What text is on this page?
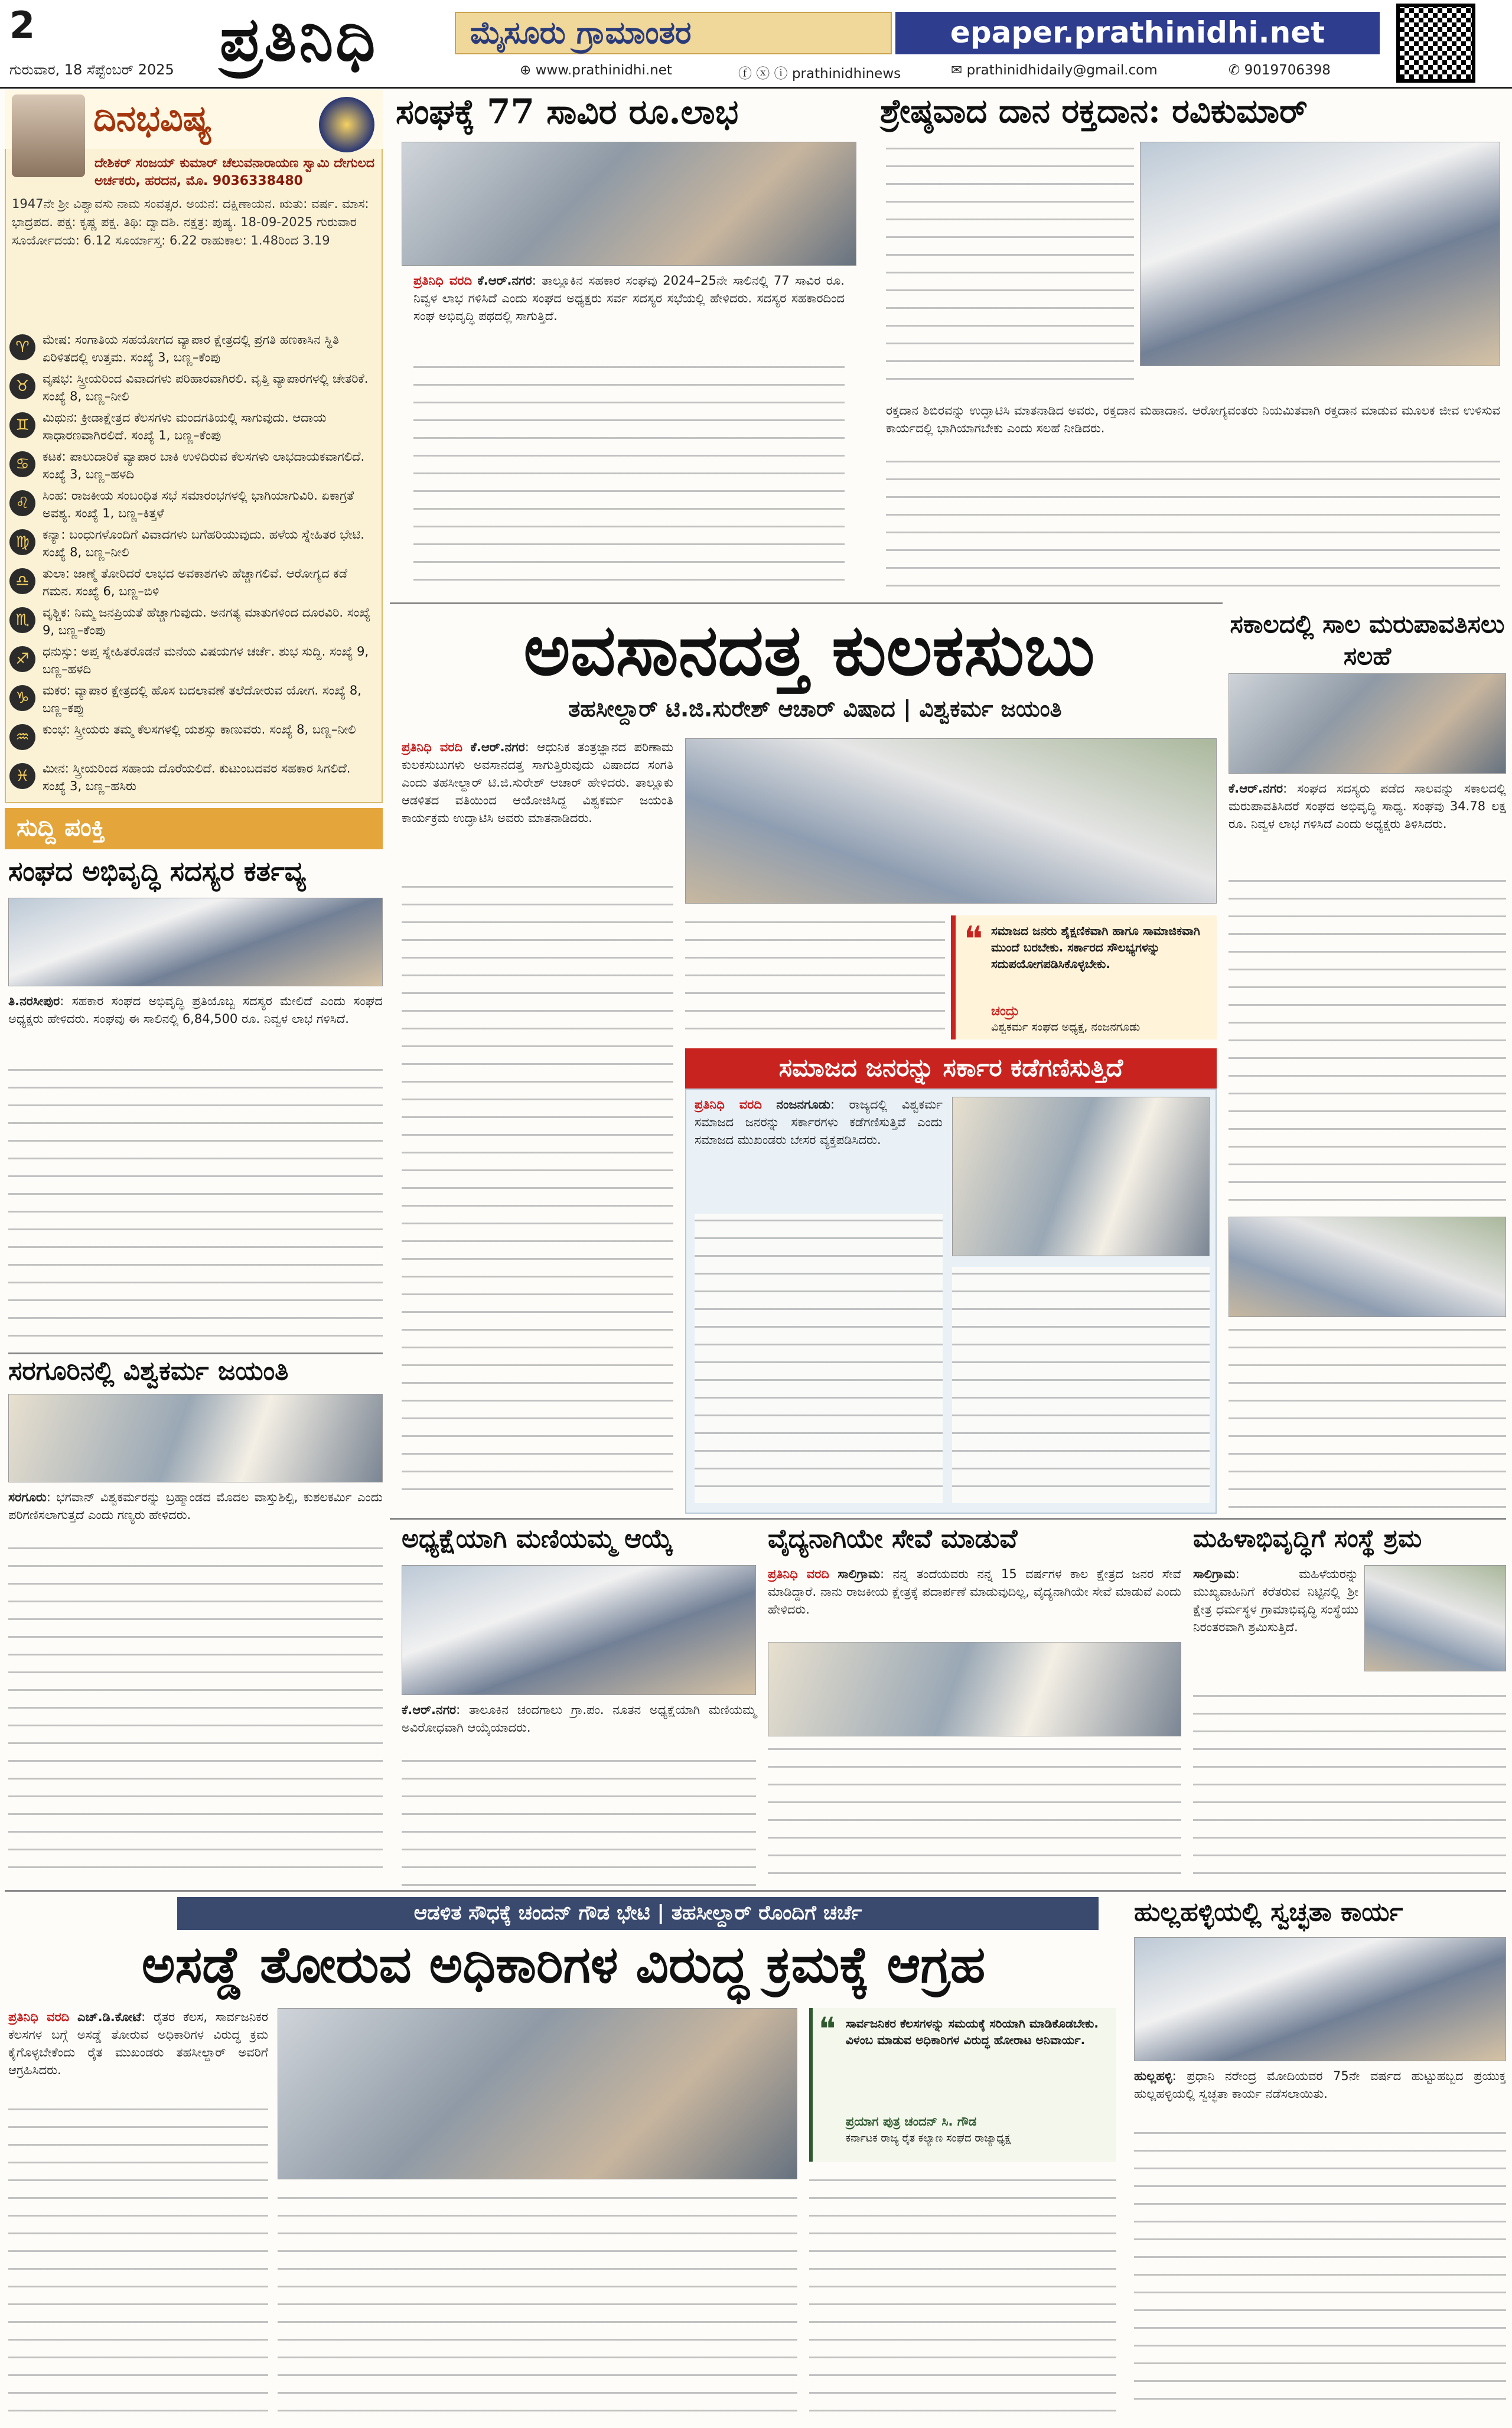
2	ಪ್ರತಿನಿಧಿ	ಮೈಸೂರು ಗ್ರಾಮಾಂತರ	epaper.prathinidhi.net
ಗುರುವಾರ, 18 ಸೆಪ್ಟೆಂಬರ್ 2025	⊕ www.prathinidhi.net	ⓕ ⓧ ⓘ prathinidhinews	✉ prathinidhidaily@gmail.com	✆ 9019706398
ದಿನಭವಿಷ್ಯ
ದೇಶಿಕರ್ ಸಂಜಯ್ ಕುಮಾರ್ ಚೆಲುವನಾರಾಯಣ ಸ್ವಾಮಿ ದೇಗುಲದ ಅರ್ಚಕರು, ಹರದನ, ಮೊ. 9036338480
1947ನೇ ಶ್ರೀ ವಿಶ್ವಾವಸು ನಾಮ ಸಂವತ್ಸರ. ಅಯನ: ದಕ್ಷಿಣಾಯನ. ಋತು: ವರ್ಷ. ಮಾಸ: ಭಾದ್ರಪದ. ಪಕ್ಷ: ಕೃಷ್ಣ ಪಕ್ಷ. ತಿಥಿ: ದ್ವಾದಶಿ. ನಕ್ಷತ್ರ: ಪುಷ್ಯ. 18-09-2025 ಗುರುವಾರ ಸೂರ್ಯೋದಯ: 6.12 ಸೂರ್ಯಾಸ್ತ: 6.22 ರಾಹುಕಾಲ: 1.48ರಿಂದ 3.19
♈	ಮೇಷ: ಸಂಗಾತಿಯ ಸಹಯೋಗದ ವ್ಯಾಪಾರ ಕ್ಷೇತ್ರದಲ್ಲಿ ಪ್ರಗತಿ ಹಣಕಾಸಿನ ಸ್ಥಿತಿ ಏರಿಳಿತದಲ್ಲಿ ಉತ್ತಮ. ಸಂಖ್ಯೆ 3, ಬಣ್ಣ–ಕೆಂಪು
♉	ವೃಷಭ: ಸ್ತ್ರೀಯರಿಂದ ವಿವಾದಗಳು ಪರಿಹಾರವಾಗಿರಲಿ. ವೃತ್ತಿ ವ್ಯಾಪಾರಗಳಲ್ಲಿ ಚೇತರಿಕೆ. ಸಂಖ್ಯೆ 8, ಬಣ್ಣ–ನೀಲಿ
♊	ಮಿಥುನ: ಕ್ರೀಡಾಕ್ಷೇತ್ರದ ಕೆಲಸಗಳು ಮಂದಗತಿಯಲ್ಲಿ ಸಾಗುವುದು. ಆದಾಯ ಸಾಧಾರಣವಾಗಿರಲಿದೆ. ಸಂಖ್ಯೆ 1, ಬಣ್ಣ–ಕೆಂಪು
♋	ಕಟಕ: ಪಾಲುದಾರಿಕೆ ವ್ಯಾಪಾರ ಬಾಕಿ ಉಳಿದಿರುವ ಕೆಲಸಗಳು ಲಾಭದಾಯಕವಾಗಲಿದೆ. ಸಂಖ್ಯೆ 3, ಬಣ್ಣ–ಹಳದಿ
♌	ಸಿಂಹ: ರಾಜಕೀಯ ಸಂಬಂಧಿತ ಸಭೆ ಸಮಾರಂಭಗಳಲ್ಲಿ ಭಾಗಿಯಾಗುವಿರಿ. ಏಕಾಗ್ರತೆ ಅವಶ್ಯ. ಸಂಖ್ಯೆ 1, ಬಣ್ಣ–ಕಿತ್ತಳೆ
♍	ಕನ್ಯಾ: ಬಂಧುಗಳೊಂದಿಗೆ ವಿವಾದಗಳು ಬಗೆಹರಿಯುವುದು. ಹಳೆಯ ಸ್ನೇಹಿತರ ಭೇಟಿ. ಸಂಖ್ಯೆ 8, ಬಣ್ಣ–ನೀಲಿ
♎	ತುಲಾ: ಜಾಣ್ಮೆ ತೋರಿದರೆ ಲಾಭದ ಅವಕಾಶಗಳು ಹೆಚ್ಚಾಗಲಿವೆ. ಆರೋಗ್ಯದ ಕಡೆ ಗಮನ. ಸಂಖ್ಯೆ 6, ಬಣ್ಣ–ಬಿಳಿ
♏	ವೃಶ್ಚಿಕ: ನಿಮ್ಮ ಜನಪ್ರಿಯತೆ ಹೆಚ್ಚಾಗುವುದು. ಅನಗತ್ಯ ಮಾತುಗಳಿಂದ ದೂರವಿರಿ. ಸಂಖ್ಯೆ 9, ಬಣ್ಣ–ಕೆಂಪು
♐	ಧನುಸ್ಸು: ಅಪ್ತ ಸ್ನೇಹಿತರೊಡನೆ ಮನೆಯ ವಿಷಯಗಳ ಚರ್ಚೆ. ಶುಭ ಸುದ್ದಿ. ಸಂಖ್ಯೆ 9, ಬಣ್ಣ–ಹಳದಿ
♑	ಮಕರ: ವ್ಯಾಪಾರ ಕ್ಷೇತ್ರದಲ್ಲಿ ಹೊಸ ಬದಲಾವಣೆ ತಲೆದೋರುವ ಯೋಗ. ಸಂಖ್ಯೆ 8, ಬಣ್ಣ–ಕಪ್ಪು
♒	ಕುಂಭ: ಸ್ತ್ರೀಯರು ತಮ್ಮ ಕೆಲಸಗಳಲ್ಲಿ ಯಶಸ್ಸು ಕಾಣುವರು. ಸಂಖ್ಯೆ 8, ಬಣ್ಣ–ನೀಲಿ
♓	ಮೀನ: ಸ್ತ್ರೀಯರಿಂದ ಸಹಾಯ ದೊರೆಯಲಿದೆ. ಕುಟುಂಬದವರ ಸಹಕಾರ ಸಿಗಲಿದೆ. ಸಂಖ್ಯೆ 3, ಬಣ್ಣ–ಹಸಿರು
ಸುದ್ದಿ ಪಂಕ್ತಿ
ಸಂಘದ ಅಭಿವೃದ್ಧಿ ಸದಸ್ಯರ ಕರ್ತವ್ಯ
ತಿ.ನರಸೀಪುರ: ಸಹಕಾರ ಸಂಘದ ಅಭಿವೃದ್ಧಿ ಪ್ರತಿಯೊಬ್ಬ ಸದಸ್ಯರ ಮೇಲಿದೆ ಎಂದು ಸಂಘದ ಅಧ್ಯಕ್ಷರು ಹೇಳಿದರು. ಸಂಘವು ಈ ಸಾಲಿನಲ್ಲಿ 6,84,500 ರೂ. ನಿವ್ವಳ ಲಾಭ ಗಳಿಸಿದೆ.
ಸರಗೂರಿನಲ್ಲಿ ವಿಶ್ವಕರ್ಮ ಜಯಂತಿ
ಸರಗೂರು: ಭಗವಾನ್ ವಿಶ್ವಕರ್ಮರನ್ನು ಬ್ರಹ್ಮಾಂಡದ ಮೊದಲ ವಾಸ್ತುಶಿಲ್ಪಿ, ಕುಶಲಕರ್ಮಿ ಎಂದು ಪರಿಗಣಿಸಲಾಗುತ್ತದೆ ಎಂದು ಗಣ್ಯರು ಹೇಳಿದರು.
ಸಂಘಕ್ಕೆ 77 ಸಾವಿರ ರೂ.ಲಾಭ
ಪ್ರತಿನಿಧಿ ವರದಿ ಕೆ.ಆರ್.ನಗರ: ತಾಲ್ಲೂಕಿನ ಸಹಕಾರ ಸಂಘವು 2024–25ನೇ ಸಾಲಿನಲ್ಲಿ 77 ಸಾವಿರ ರೂ. ನಿವ್ವಳ ಲಾಭ ಗಳಿಸಿದೆ ಎಂದು ಸಂಘದ ಅಧ್ಯಕ್ಷರು ಸರ್ವ ಸದಸ್ಯರ ಸಭೆಯಲ್ಲಿ ಹೇಳಿದರು. ಸದಸ್ಯರ ಸಹಕಾರದಿಂದ ಸಂಘ ಅಭಿವೃದ್ಧಿ ಪಥದಲ್ಲಿ ಸಾಗುತ್ತಿದೆ.
ಶ್ರೇಷ್ಠವಾದ ದಾನ ರಕ್ತದಾನ: ರವಿಕುಮಾರ್
ರಕ್ತದಾನ ಶಿಬಿರವನ್ನು ಉದ್ಘಾಟಿಸಿ ಮಾತನಾಡಿದ ಅವರು, ರಕ್ತದಾನ ಮಹಾದಾನ. ಆರೋಗ್ಯವಂತರು ನಿಯಮಿತವಾಗಿ ರಕ್ತದಾನ ಮಾಡುವ ಮೂಲಕ ಜೀವ ಉಳಿಸುವ ಕಾರ್ಯದಲ್ಲಿ ಭಾಗಿಯಾಗಬೇಕು ಎಂದು ಸಲಹೆ ನೀಡಿದರು.
ಅವಸಾನದತ್ತ ಕುಲಕಸುಬು
ತಹಸೀಲ್ದಾರ್ ಟಿ.ಜಿ.ಸುರೇಶ್ ಆಚಾರ್ ವಿಷಾದ | ವಿಶ್ವಕರ್ಮ ಜಯಂತಿ
ಪ್ರತಿನಿಧಿ ವರದಿ ಕೆ.ಆರ್.ನಗರ: ಆಧುನಿಕ ತಂತ್ರಜ್ಞಾನದ ಪರಿಣಾಮ ಕುಲಕಸುಬುಗಳು ಅವಸಾನದತ್ತ ಸಾಗುತ್ತಿರುವುದು ವಿಷಾದದ ಸಂಗತಿ ಎಂದು ತಹಸೀಲ್ದಾರ್ ಟಿ.ಜಿ.ಸುರೇಶ್ ಆಚಾರ್ ಹೇಳಿದರು. ತಾಲ್ಲೂಕು ಆಡಳಿತದ ವತಿಯಿಂದ ಆಯೋಜಿಸಿದ್ದ ವಿಶ್ವಕರ್ಮ ಜಯಂತಿ ಕಾರ್ಯಕ್ರಮ ಉದ್ಘಾಟಿಸಿ ಅವರು ಮಾತನಾಡಿದರು.
❝ ಸಮಾಜದ ಜನರು ಶೈಕ್ಷಣಿಕವಾಗಿ ಹಾಗೂ ಸಾಮಾಜಿಕವಾಗಿ ಮುಂದೆ ಬರಬೇಕು. ಸರ್ಕಾರದ ಸೌಲಭ್ಯಗಳನ್ನು ಸದುಪಯೋಗಪಡಿಸಿಕೊಳ್ಳಬೇಕು.
ಚಂದ್ರು
ವಿಶ್ವಕರ್ಮ ಸಂಘದ ಅಧ್ಯಕ್ಷ, ನಂಜನಗೂಡು
ಸಮಾಜದ ಜನರನ್ನು ಸರ್ಕಾರ ಕಡೆಗಣಿಸುತ್ತಿದೆ
ಪ್ರತಿನಿಧಿ ವರದಿ ನಂಜನಗೂಡು: ರಾಜ್ಯದಲ್ಲಿ ವಿಶ್ವಕರ್ಮ ಸಮಾಜದ ಜನರನ್ನು ಸರ್ಕಾರಗಳು ಕಡೆಗಣಿಸುತ್ತಿವೆ ಎಂದು ಸಮಾಜದ ಮುಖಂಡರು ಬೇಸರ ವ್ಯಕ್ತಪಡಿಸಿದರು.
ಸಕಾಲದಲ್ಲಿ ಸಾಲ ಮರುಪಾವತಿಸಲು ಸಲಹೆ
ಕೆ.ಆರ್.ನಗರ: ಸಂಘದ ಸದಸ್ಯರು ಪಡೆದ ಸಾಲವನ್ನು ಸಕಾಲದಲ್ಲಿ ಮರುಪಾವತಿಸಿದರೆ ಸಂಘದ ಅಭಿವೃದ್ಧಿ ಸಾಧ್ಯ. ಸಂಘವು 34.78 ಲಕ್ಷ ರೂ. ನಿವ್ವಳ ಲಾಭ ಗಳಿಸಿದೆ ಎಂದು ಅಧ್ಯಕ್ಷರು ತಿಳಿಸಿದರು.
ಅಧ್ಯಕ್ಷೆಯಾಗಿ ಮಣಿಯಮ್ಮ ಆಯ್ಕೆ
ಕೆ.ಆರ್.ನಗರ: ತಾಲೂಕಿನ ಚಂದಗಾಲು ಗ್ರಾ.ಪಂ. ನೂತನ ಅಧ್ಯಕ್ಷೆಯಾಗಿ ಮಣಿಯಮ್ಮ ಅವಿರೋಧವಾಗಿ ಆಯ್ಕೆಯಾದರು.
ವೈದ್ಯನಾಗಿಯೇ ಸೇವೆ ಮಾಡುವೆ
ಪ್ರತಿನಿಧಿ ವರದಿ ಸಾಲಿಗ್ರಾಮ: ನನ್ನ ತಂದೆಯವರು ನನ್ನ 15 ವರ್ಷಗಳ ಕಾಲ ಕ್ಷೇತ್ರದ ಜನರ ಸೇವೆ ಮಾಡಿದ್ದಾರೆ. ನಾನು ರಾಜಕೀಯ ಕ್ಷೇತ್ರಕ್ಕೆ ಪದಾರ್ಪಣೆ ಮಾಡುವುದಿಲ್ಲ, ವೈದ್ಯನಾಗಿಯೇ ಸೇವೆ ಮಾಡುವೆ ಎಂದು ಹೇಳಿದರು.
ಮಹಿಳಾಭಿವೃದ್ಧಿಗೆ ಸಂಸ್ಥೆ ಶ್ರಮ
ಸಾಲಿಗ್ರಾಮ: ಮಹಿಳೆಯರನ್ನು ಮುಖ್ಯವಾಹಿನಿಗೆ ಕರೆತರುವ ನಿಟ್ಟಿನಲ್ಲಿ ಶ್ರೀ ಕ್ಷೇತ್ರ ಧರ್ಮಸ್ಥಳ ಗ್ರಾಮಾಭಿವೃದ್ಧಿ ಸಂಸ್ಥೆಯು ನಿರಂತರವಾಗಿ ಶ್ರಮಿಸುತ್ತಿದೆ.
ಆಡಳಿತ ಸೌಧಕ್ಕೆ ಚಂದನ್ ಗೌಡ ಭೇಟಿ | ತಹಸೀಲ್ದಾರ್ ರೊಂದಿಗೆ ಚರ್ಚೆ
ಅಸಡ್ಡೆ ತೋರುವ ಅಧಿಕಾರಿಗಳ ವಿರುದ್ಧ ಕ್ರಮಕ್ಕೆ ಆಗ್ರಹ
ಪ್ರತಿನಿಧಿ ವರದಿ ಎಚ್.ಡಿ.ಕೋಟೆ: ರೈತರ ಕೆಲಸ, ಸಾರ್ವಜನಿಕರ ಕೆಲಸಗಳ ಬಗ್ಗೆ ಅಸಡ್ಡೆ ತೋರುವ ಅಧಿಕಾರಿಗಳ ವಿರುದ್ಧ ಕ್ರಮ ಕೈಗೊಳ್ಳಬೇಕೆಂದು ರೈತ ಮುಖಂಡರು ತಹಸೀಲ್ದಾರ್ ಅವರಿಗೆ ಆಗ್ರಹಿಸಿದರು.
❝ ಸಾರ್ವಜನಿಕರ ಕೆಲಸಗಳನ್ನು ಸಮಯಕ್ಕೆ ಸರಿಯಾಗಿ ಮಾಡಿಕೊಡಬೇಕು. ವಿಳಂಬ ಮಾಡುವ ಅಧಿಕಾರಿಗಳ ವಿರುದ್ಧ ಹೋರಾಟ ಅನಿವಾರ್ಯ.
ಪ್ರಯಾಗ ಪುತ್ರ ಚಂದನ್ ಸಿ. ಗೌಡ
ಕರ್ನಾಟಕ ರಾಜ್ಯ ರೈತ ಕಲ್ಯಾಣ ಸಂಘದ ರಾಜ್ಯಾಧ್ಯಕ್ಷ
ಹುಲ್ಲಹಳ್ಳಿಯಲ್ಲಿ ಸ್ವಚ್ಛತಾ ಕಾರ್ಯ
ಹುಲ್ಲಹಳ್ಳಿ: ಪ್ರಧಾನಿ ನರೇಂದ್ರ ಮೋದಿಯವರ 75ನೇ ವರ್ಷದ ಹುಟ್ಟುಹಬ್ಬದ ಪ್ರಯುಕ್ತ ಹುಲ್ಲಹಳ್ಳಿಯಲ್ಲಿ ಸ್ವಚ್ಛತಾ ಕಾರ್ಯ ನಡೆಸಲಾಯಿತು.
